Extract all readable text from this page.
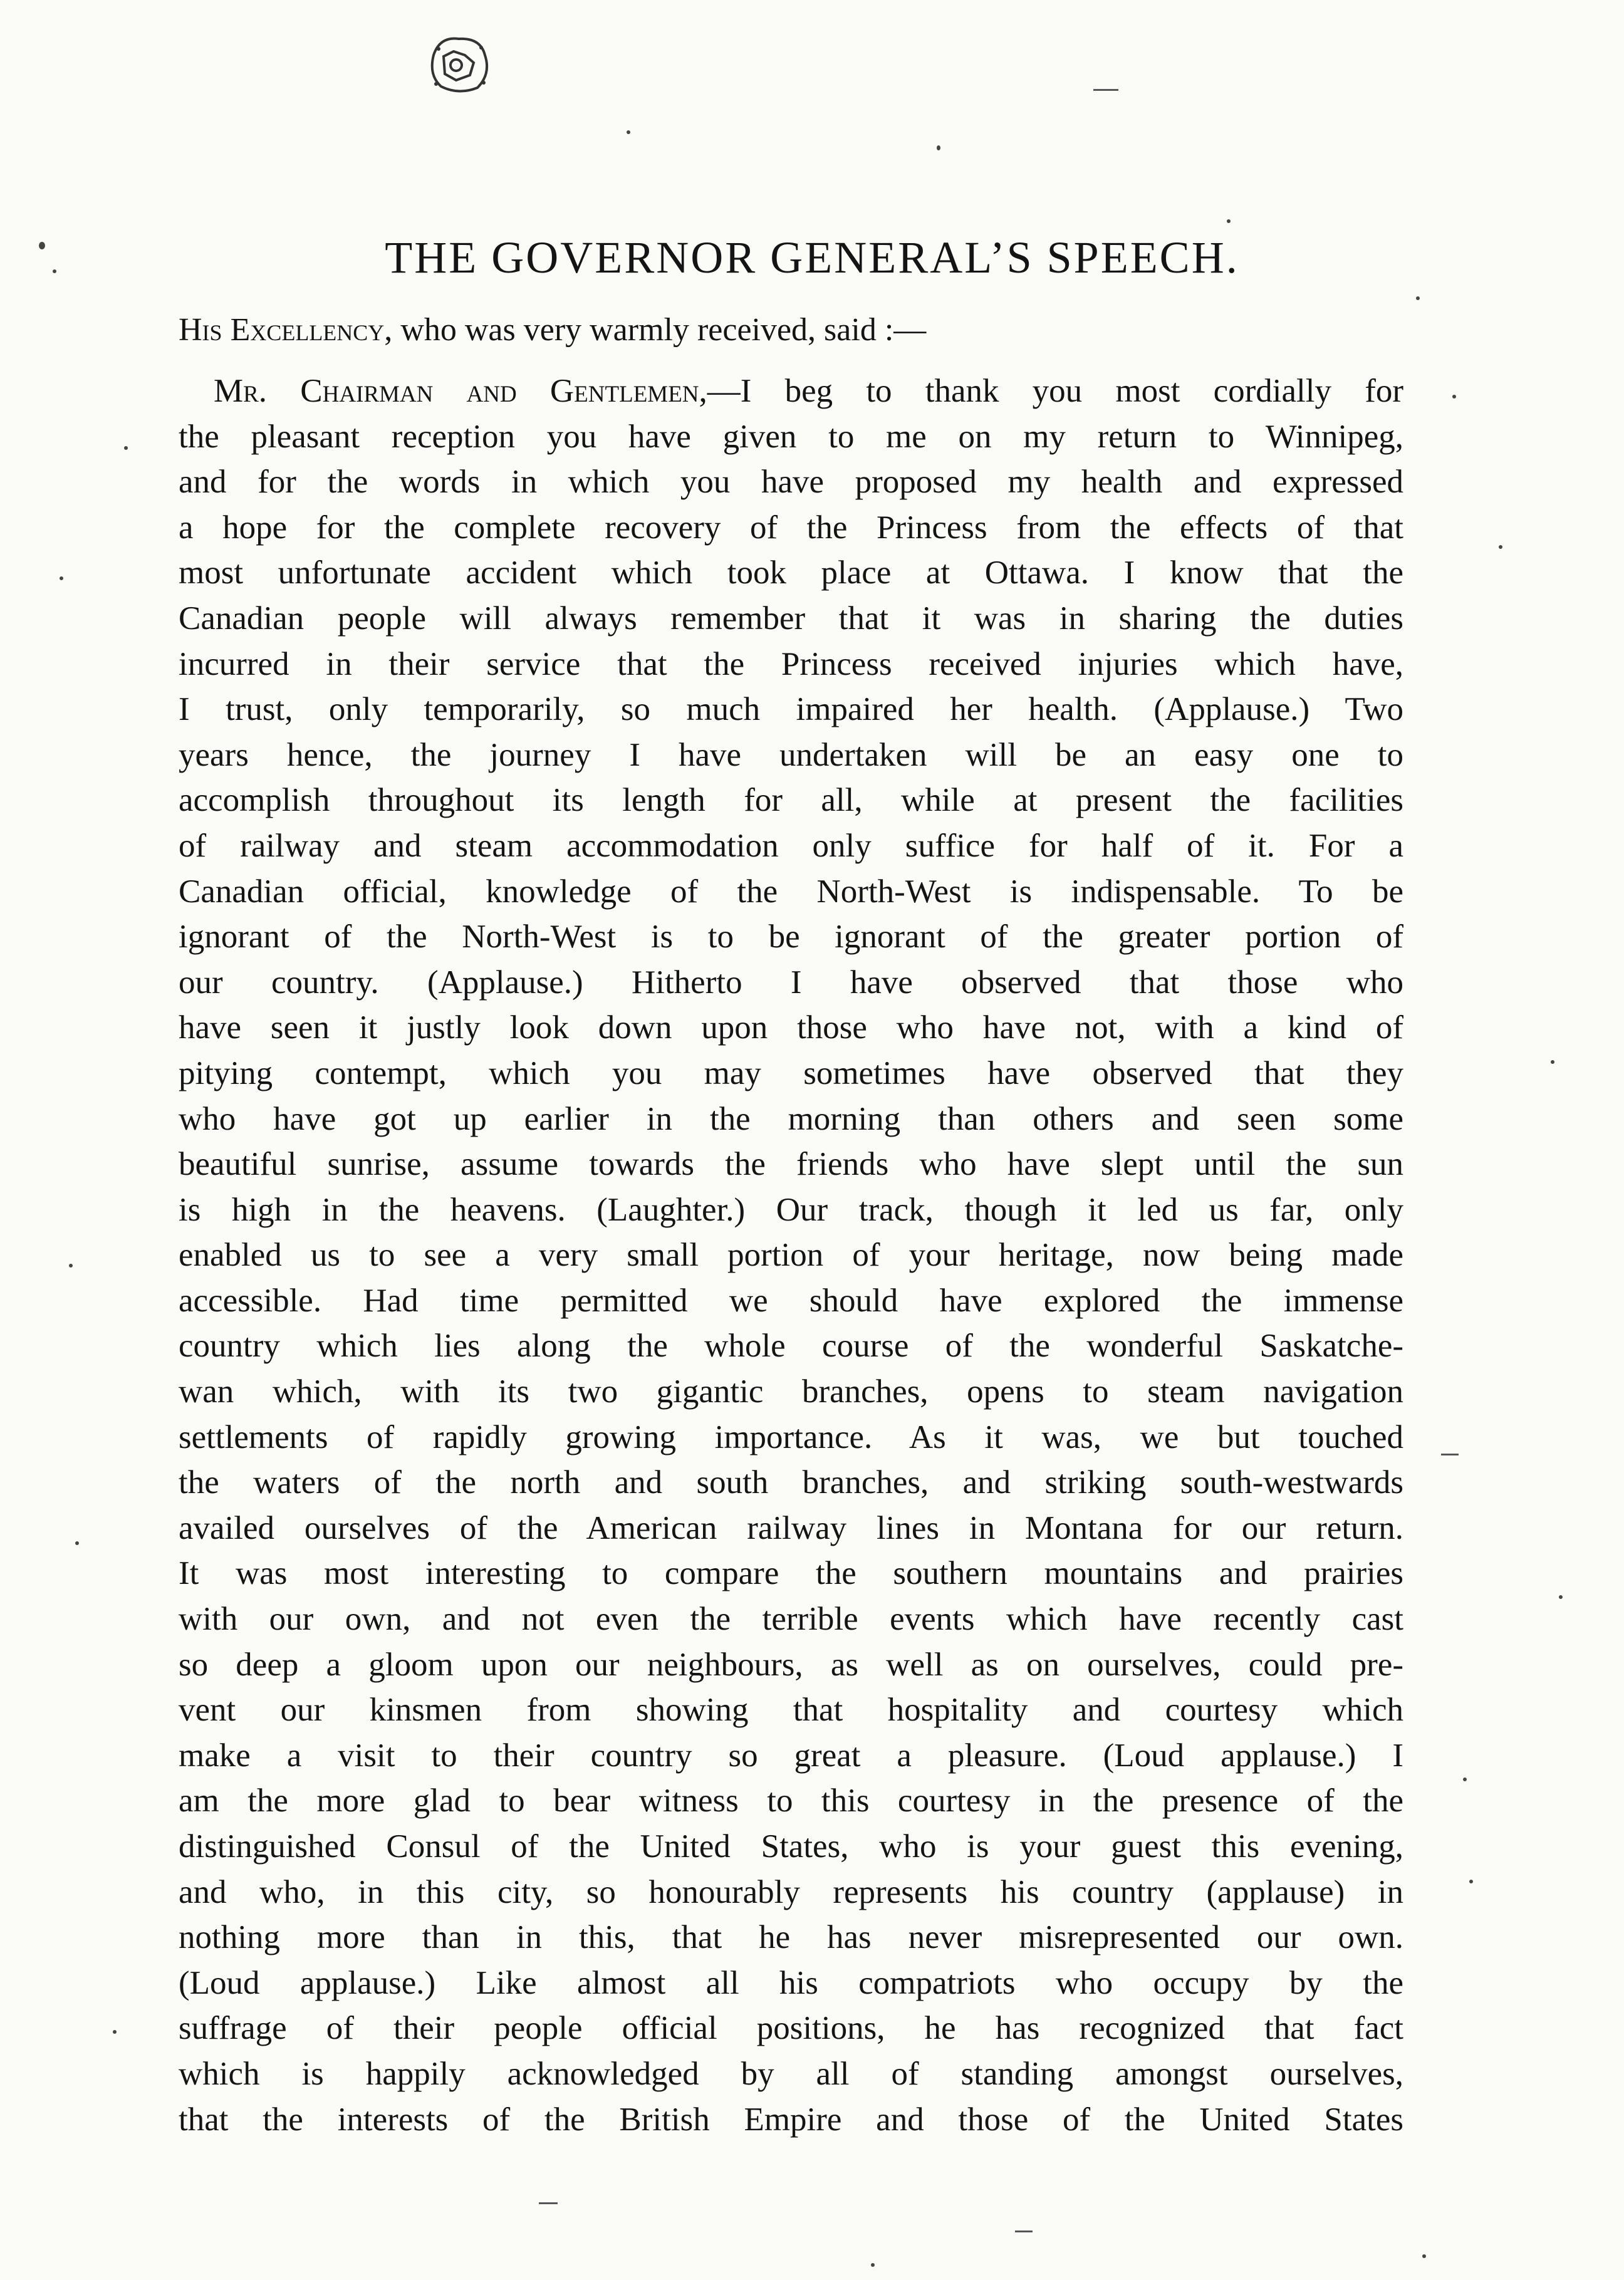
THE GOVERNOR GENERAL’S SPEECH.

His Excellency, who was very warmly received, said :—

Mr. Chairman and Gentlemen,—I beg to thank you most cordially for
the pleasant reception you have given to me on my return to Winnipeg,
and for the words in which you have proposed my health and expressed
a hope for the complete recovery of the Princess from the effects of that
most unfortunate accident which took place at Ottawa. I know that the
Canadian people will always remember that it was in sharing the duties
incurred in their service that the Princess received injuries which have,
I trust, only temporarily, so much impaired her health. (Applause.) Two
years hence, the journey I have undertaken will be an easy one to
accomplish throughout its length for all, while at present the facilities
of railway and steam accommodation only suffice for half of it. For a
Canadian official, knowledge of the North-West is indispensable. To be
ignorant of the North-West is to be ignorant of the greater portion of
our country. (Applause.) Hitherto I have observed that those who
have seen it justly look down upon those who have not, with a kind of
pitying contempt, which you may sometimes have observed that they
who have got up earlier in the morning than others and seen some
beautiful sunrise, assume towards the friends who have slept until the sun
is high in the heavens. (Laughter.) Our track, though it led us far, only
enabled us to see a very small portion of your heritage, now being made
accessible. Had time permitted we should have explored the immense
country which lies along the whole course of the wonderful Saskatche-
wan which, with its two gigantic branches, opens to steam navigation
settlements of rapidly growing importance. As it was, we but touched
the waters of the north and south branches, and striking south-westwards
availed ourselves of the American railway lines in Montana for our return.
It was most interesting to compare the southern mountains and prairies
with our own, and not even the terrible events which have recently cast
so deep a gloom upon our neighbours, as well as on ourselves, could pre-
vent our kinsmen from showing that hospitality and courtesy which
make a visit to their country so great a pleasure. (Loud applause.) I
am the more glad to bear witness to this courtesy in the presence of the
distinguished Consul of the United States, who is your guest this evening,
and who, in this city, so honourably represents his country (applause) in
nothing more than in this, that he has never misrepresented our own.
(Loud applause.) Like almost all his compatriots who occupy by the
suffrage of their people official positions, he has recognized that fact
which is happily acknowledged by all of standing amongst ourselves,
that the interests of the British Empire and those of the United States
